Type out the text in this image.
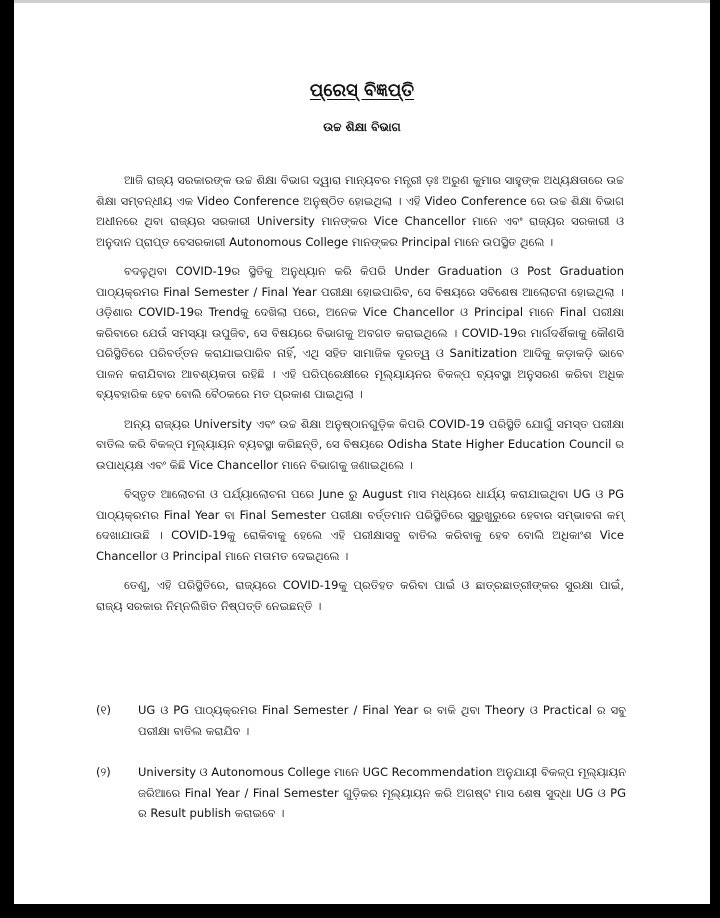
ପ୍ରେସ୍ ବିଜ୍ଞପ୍ତି
ଉଚ୍ଚ ଶିକ୍ଷା ବିଭାଗ

ଆଜି ରାଜ୍ୟ ସରକାରଙ୍କ ଉଚ୍ଚ ଶିକ୍ଷା ବିଭାଗ ଦ୍ୱାରା ମାନ୍ୟବର ମନ୍ତ୍ରୀ ଡ଼ଃ ଅରୁଣ କୁମାର ସାହୁଙ୍କ ଅଧ୍ୟକ୍ଷତାରେ ଉଚ୍ଚ ଶିକ୍ଷା ସମ୍ବନ୍ଧୀୟ ଏକ Video Conference ଅନୁଷ୍ଠିତ ହୋଇଥିଲା । ଏହି Video Conference ରେ ଉଚ୍ଚ ଶିକ୍ଷା ବିଭାଗ ଅଧୀନରେ ଥିବା ରାଜ୍ୟର ସରକାରୀ University ମାନଙ୍କର Vice Chancellor ମାନେ ଏବଂ ରାଜ୍ୟର ସରକାରୀ ଓ ଅନୁଦାନ ପ୍ରାପ୍ତ ବେସରକାରୀ Autonomous College ମାନଙ୍କର Principal ମାନେ ଉପସ୍ଥିତ ଥିଲେ ।

ବଦଳୁଥିବା COVID-19ର ସ୍ଥିତିକୁ ଅନୁଧ୍ୟାନ କରି କିପରି Under Graduation ଓ Post Graduation ପାଠ୍ୟକ୍ରମର Final Semester / Final Year ପରୀକ୍ଷା ହୋଇପାରିବ, ସେ ବିଷୟରେ ସବିଶେଷ ଆଲୋଚନା ହୋଇଥିଲା । ଓଡ଼ିଶାର COVID-19ର Trendକୁ ଦେଖିଲା ପରେ, ଅନେକ Vice Chancellor ଓ Principal ମାନେ Final ପରୀକ୍ଷା କରିବାରେ ଯେଉଁ ସମସ୍ୟା ଉପୁଜିବ, ସେ ବିଷୟରେ ବିଭାଗକୁ ଅବଗତ କରାଇଥିଲେ । COVID-19ର ମାର୍ଗଦର୍ଶିକାକୁ କୌଣସି ପରିସ୍ଥିତିରେ ପରିବର୍ତ୍ତନ କରାଯାଇପାରିବ ନାହିଁ, ଏଥି ସହିତ ସାମାଜିକ ଦୂରତ୍ୱ ଓ Sanitization ଆଦିକୁ କଡ଼ାକଡ଼ି ଭାବେ ପାଳନ କରାଯିବାର ଆବଶ୍ୟକତା ରହିଛି । ଏହି ପରିପ୍ରେକ୍ଷୀରେ ମୂଲ୍ୟାୟନର ବିକଳ୍ପ ବ୍ୟବସ୍ଥା ଅନୁସରଣ କରିବା ଅଧିକ ବ୍ୟବହାରିକ ହେବ ବୋଲି ବୈଠକରେ ମତ ପ୍ରକାଶ ପାଇଥିଲା ।

ଅନ୍ୟ ରାଜ୍ୟର University ଏବଂ ଉଚ୍ଚ ଶିକ୍ଷା ଅନୁଷ୍ଠାନଗୁଡ଼ିକ କିପରି COVID-19 ପରିସ୍ଥିତି ଯୋଗୁଁ ସମସ୍ତ ପରୀକ୍ଷା ବାତିଲ କରି ବିକଳ୍ପ ମୂଲ୍ୟାୟନ ବ୍ୟବସ୍ଥା କରିଛନ୍ତି, ସେ ବିଷୟରେ Odisha State Higher Education Council ର ଉପାଧ୍ୟକ୍ଷ ଏବଂ କିଛି Vice Chancellor ମାନେ ବିଭାଗକୁ ଜଣାଇଥିଲେ ।

ବିସ୍ତୃତ ଆଲୋଚନା ଓ ପର୍ଯ୍ୟାଲୋଚନା ପରେ June ରୁ August ମାସ ମଧ୍ୟରେ ଧାର୍ଯ୍ୟ କରାଯାଇଥିବା UG ଓ PG ପାଠ୍ୟକ୍ରମର Final Year ବା Final Semester ପରୀକ୍ଷା ବର୍ତ୍ତମାନ ପରିସ୍ଥିତିରେ ସୁରୁଖୁରୁରେ ହେବାର ସମ୍ଭାବନା କମ୍ ଦେଖାଯାଉଛି । COVID-19କୁ ରୋକିବାକୁ ହେଲେ ଏହି ପରୀକ୍ଷାସବୁ ବାତିଲ କରିବାକୁ ହେବ ବୋଲି ଅଧିକାଂଶ Vice Chancellor ଓ Principal ମାନେ ମତାମତ ଦେଇଥିଲେ ।

ତେଣୁ, ଏହି ପରିସ୍ଥିତିରେ, ରାଜ୍ୟରେ COVID-19କୁ ପ୍ରତିହତ କରିବା ପାଇଁ ଓ ଛାତ୍ରଛାତ୍ରୀଙ୍କର ସୁରକ୍ଷା ପାଇଁ, ରାଜ୍ୟ ସରକାର ନିମ୍ନଲିଖିତ ନିଷ୍ପତ୍ତି ନେଇଛନ୍ତି ।

(୧) UG ଓ PG ପାଠ୍ୟକ୍ରମର Final Semester / Final Year ର ବାକି ଥିବା Theory ଓ Practical ର ସବୁ ପରୀକ୍ଷା ବାତିଲ କରାଯିବ ।
(୨) University ଓ Autonomous College ମାନେ UGC Recommendation ଅନୁଯାୟୀ ବିକଳ୍ପ ମୂଲ୍ୟାୟନ ଜରିଆରେ Final Year / Final Semester ଗୁଡ଼ିକର ମୂଲ୍ୟାୟନ କରି ଅଗଷ୍ଟ ମାସ ଶେଷ ସୁଦ୍ଧା UG ଓ PG ର Result publish କରାଇବେ ।
